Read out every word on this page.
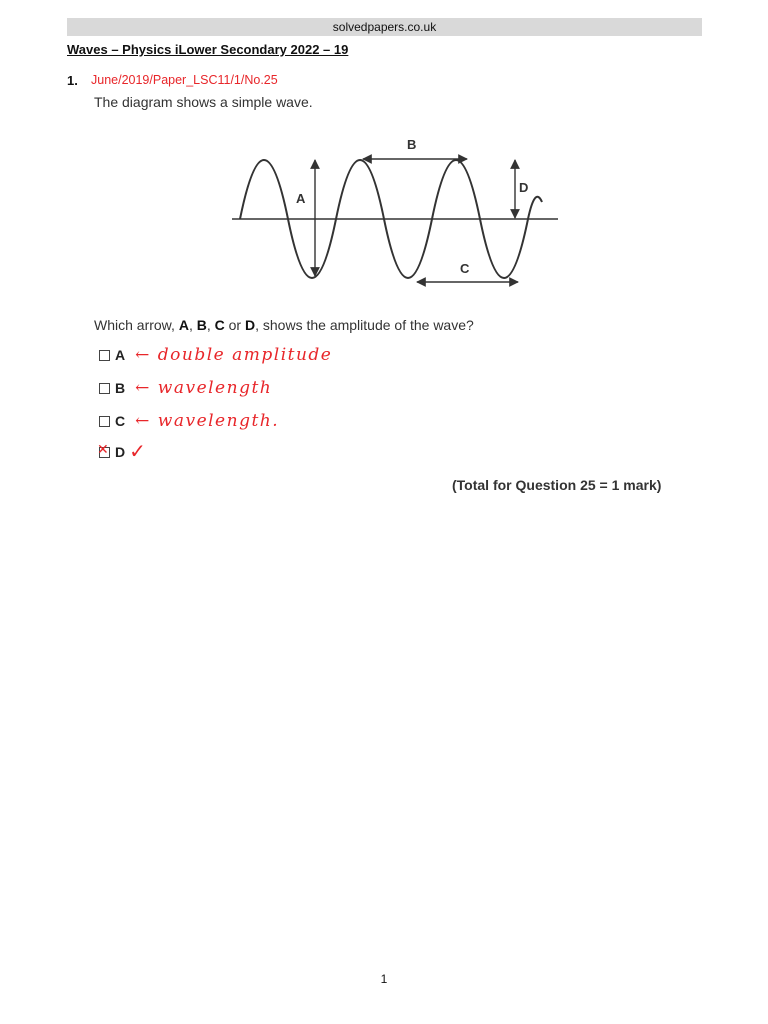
solvedpapers.co.uk
Waves – Physics iLower Secondary 2022 – 19
1. June/2019/Paper_LSC11/1/No.25
The diagram shows a simple wave.
A
B
C
D
Which arrow, A, B, C or D, shows the amplitude of the wave?
A ← double amplitude
B ← wavelength
C ← wavelength.
✕ D ✓
(Total for Question 25 = 1 mark)
1
